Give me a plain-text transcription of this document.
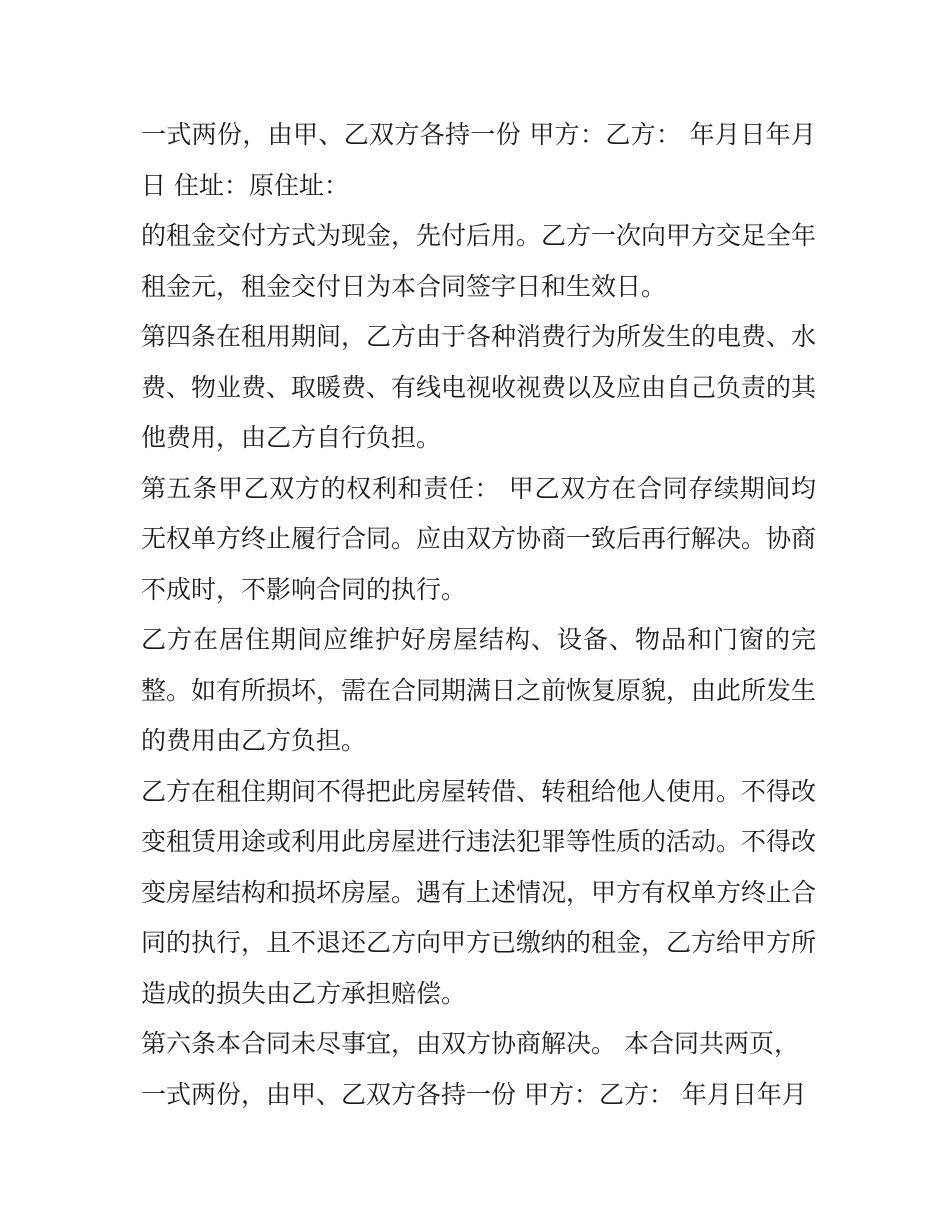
一式两份，由甲、乙双方各持一份 甲方：乙方： 年月日年月日 住址：原住址：

的租金交付方式为现金，先付后用。乙方一次向甲方交足全年租金元，租金交付日为本合同签字日和生效日。

第四条在租用期间，乙方由于各种消费行为所发生的电费、水费、物业费、取暖费、有线电视收视费以及应由自己负责的其他费用，由乙方自行负担。

第五条甲乙双方的权利和责任： 甲乙双方在合同存续期间均无权单方终止履行合同。应由双方协商一致后再行解决。协商不成时，不影响合同的执行。

乙方在居住期间应维护好房屋结构、设备、物品和门窗的完整。如有所损坏，需在合同期满日之前恢复原貌，由此所发生的费用由乙方负担。

乙方在租住期间不得把此房屋转借、转租给他人使用。不得改变租赁用途或利用此房屋进行违法犯罪等性质的活动。不得改变房屋结构和损坏房屋。遇有上述情况，甲方有权单方终止合同的执行，且不退还乙方向甲方已缴纳的租金，乙方给甲方所造成的损失由乙方承担赔偿。

第六条本合同未尽事宜，由双方协商解决。 本合同共两页，

一式两份，由甲、乙双方各持一份 甲方：乙方： 年月日年月
